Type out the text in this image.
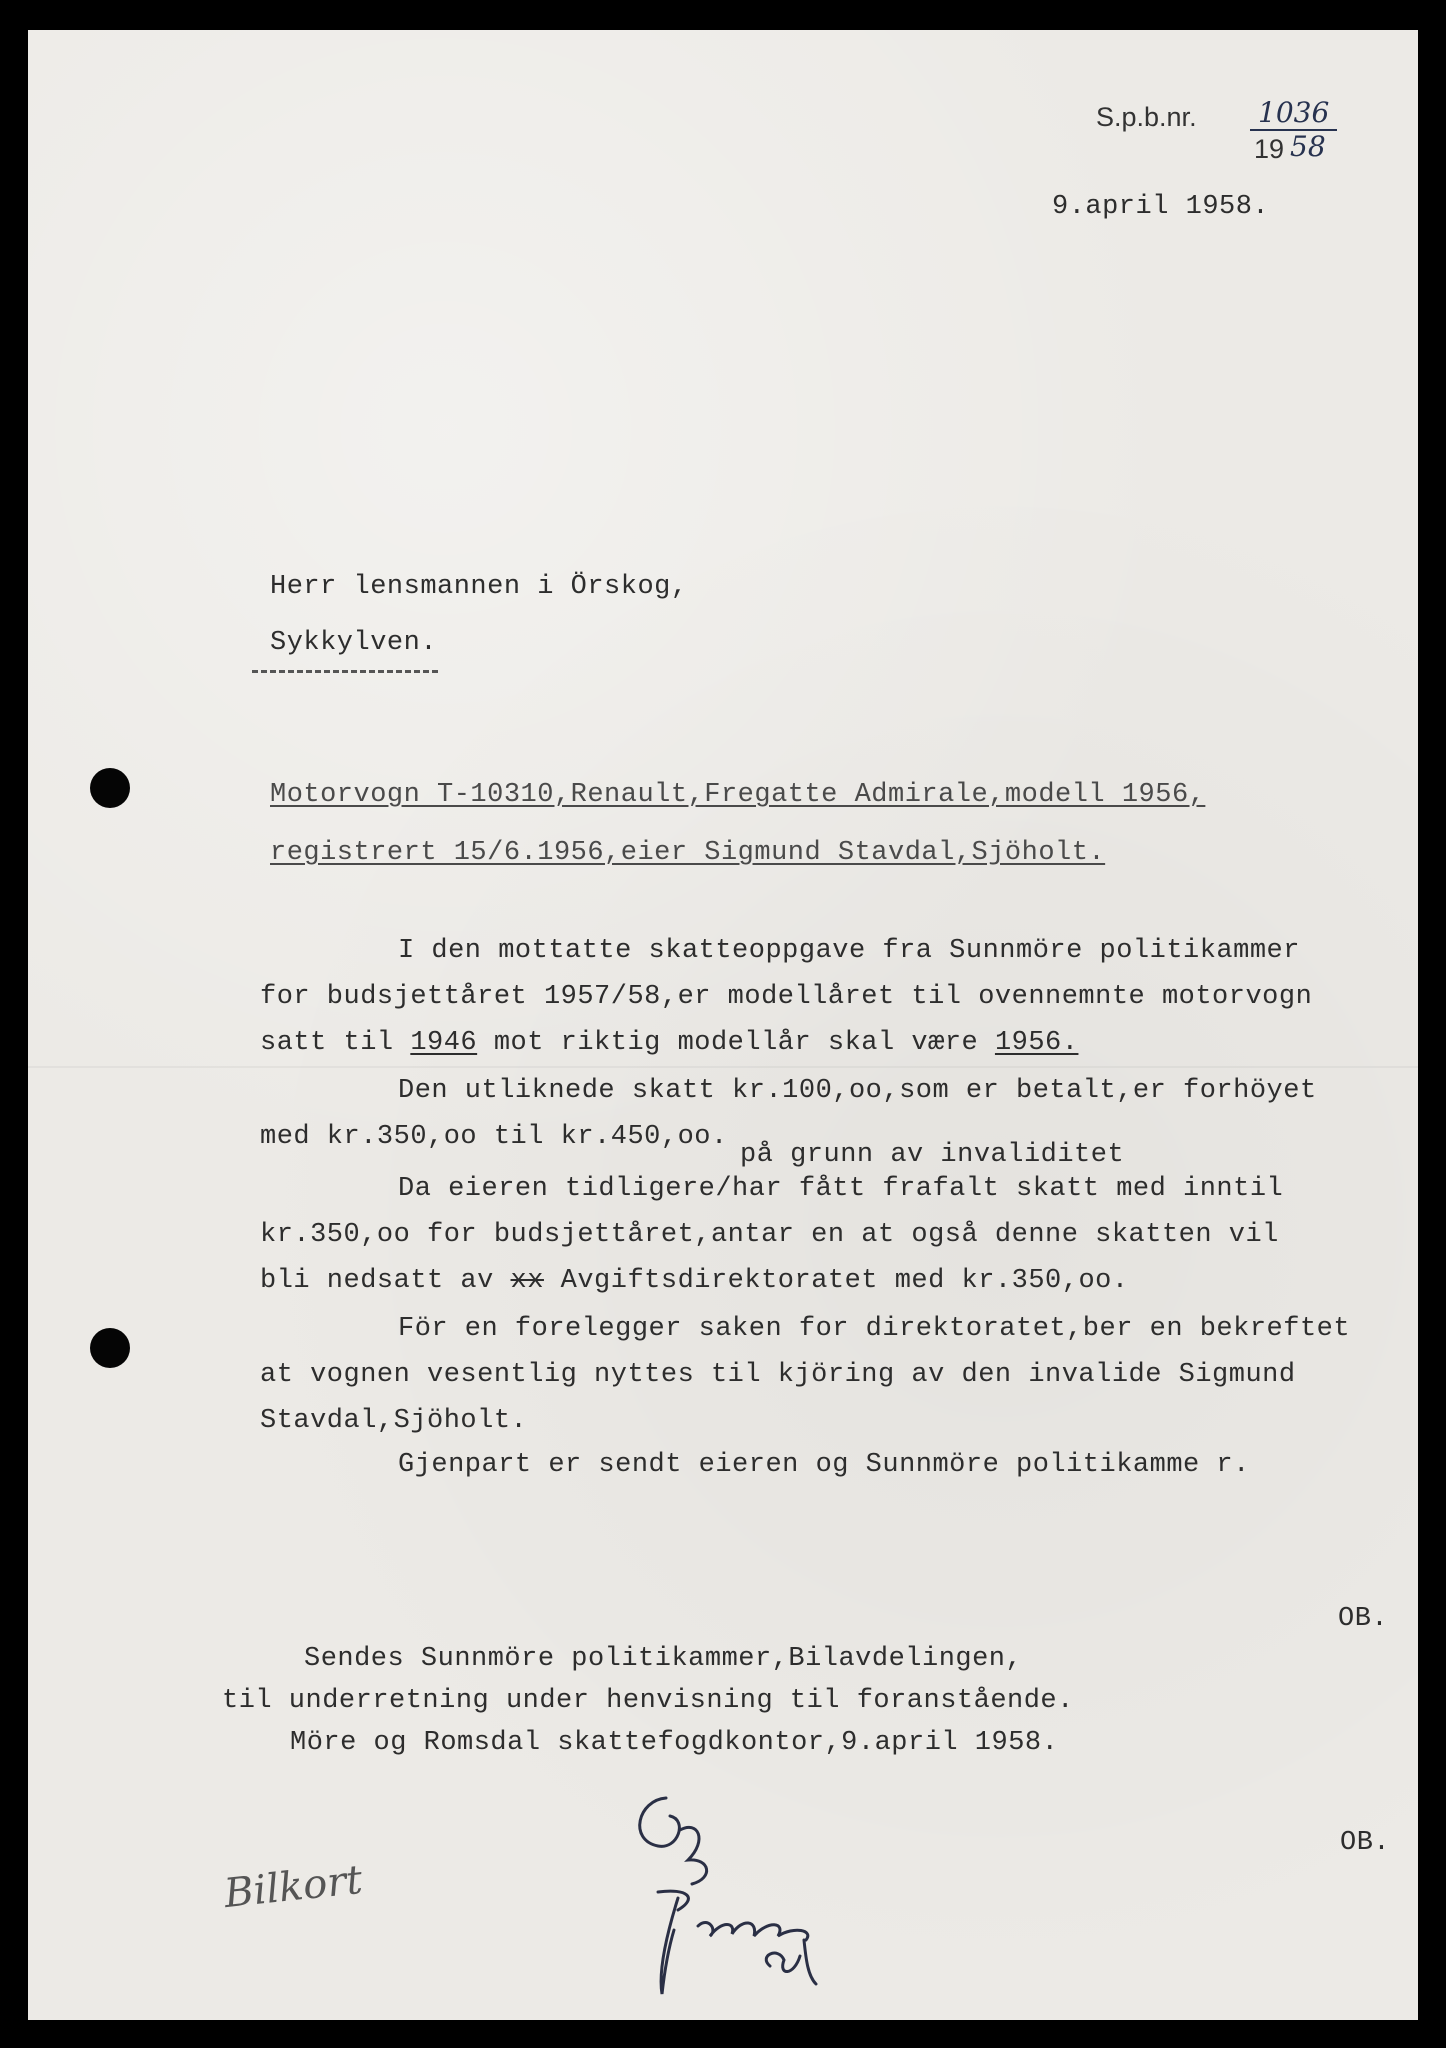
S.p.b.nr. 1036
19 58
9.april 1958.
Herr lensmannen i Örskog,
Sykkylven.
Motorvogn T-10310,Renault,Fregatte Admirale,modell 1956,
registrert 15/6.1956,eier Sigmund Stavdal,Sjöholt.
I den mottatte skatteoppgave fra Sunnmöre politikammer
for budsjettåret 1957/58,er modellåret til ovennemnte motorvogn
satt til 1946 mot riktig modellår skal være 1956.
Den utliknede skatt kr.100,oo,som er betalt,er forhöyet
med kr.350,oo til kr.450,oo.
på grunn av invaliditet
Da eieren tidligere/har fått frafalt skatt med inntil
kr.350,oo for budsjettåret,antar en at også denne skatten vil
bli nedsatt av xx Avgiftsdirektoratet med kr.350,oo.
För en forelegger saken for direktoratet,ber en bekreftet
at vognen vesentlig nyttes til kjöring av den invalide Sigmund
Stavdal,Sjöholt.
Gjenpart er sendt eieren og Sunnmöre politikamme r.
OB.
Sendes Sunnmöre politikammer,Bilavdelingen,
til underretning under henvisning til foranstående.
Möre og Romsdal skattefogdkontor,9.april 1958.
OB.
Bilkort
